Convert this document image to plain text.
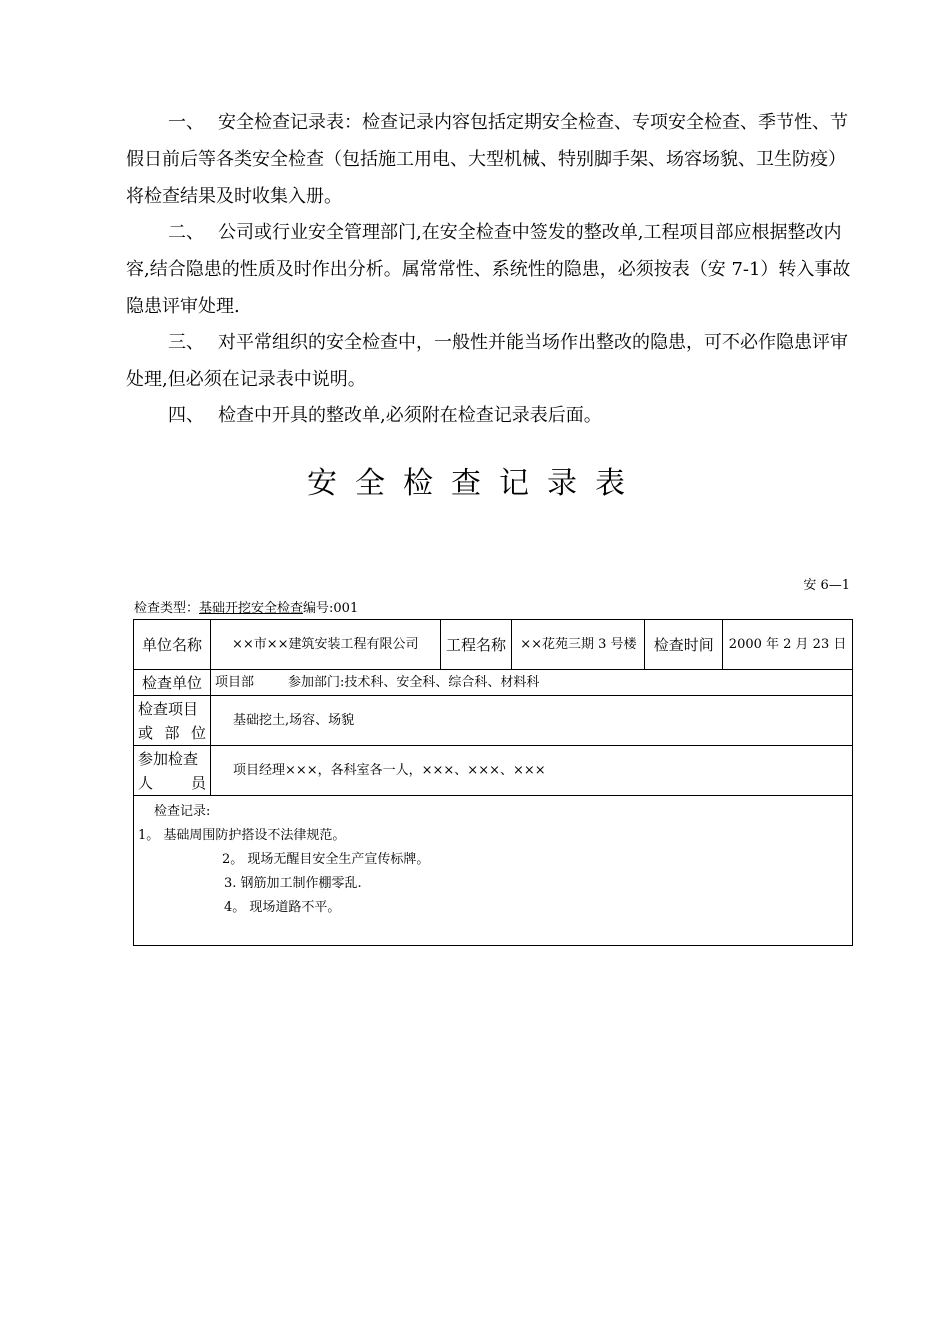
一、 安全检查记录表：检查记录内容包括定期安全检查、专项安全检查、季节性、节假日前后等各类安全检查（包括施工用电、大型机械、特别脚手架、场容场貌、卫生防疫）将检查结果及时收集入册。
二、 公司或行业安全管理部门,在安全检查中签发的整改单,工程项目部应根据整改内容,结合隐患的性质及时作出分析。属常常性、系统性的隐患，必须按表（安 7-1）转入事故隐患评审处理.
三、 对平常组织的安全检查中，一般性并能当场作出整改的隐患，可不必作隐患评审处理,但必须在记录表中说明。
四、 检查中开具的整改单,必须附在检查记录表后面。
安全检查记录表
安 6—1
检查类型：基础开挖安全检查编号:001
单位名称	××市××建筑安装工程有限公司	工程名称	××花苑三期 3 号楼	检查时间	2000 年 2 月 23 日
检查单位	项目部 参加部门:技术科、安全科、综合科、材料科				

检查项目
或 部 位	基础挖土,场容、场貌				

参加检查
人　　员	项目经理×××，各科室各一人，×××、×××、×××				

检查记录:
1。 基础周围防护搭设不法律规范。
2。 现场无醒目安全生产宣传标牌。
3. 钢筋加工制作棚零乱.
4。 现场道路不平。					
